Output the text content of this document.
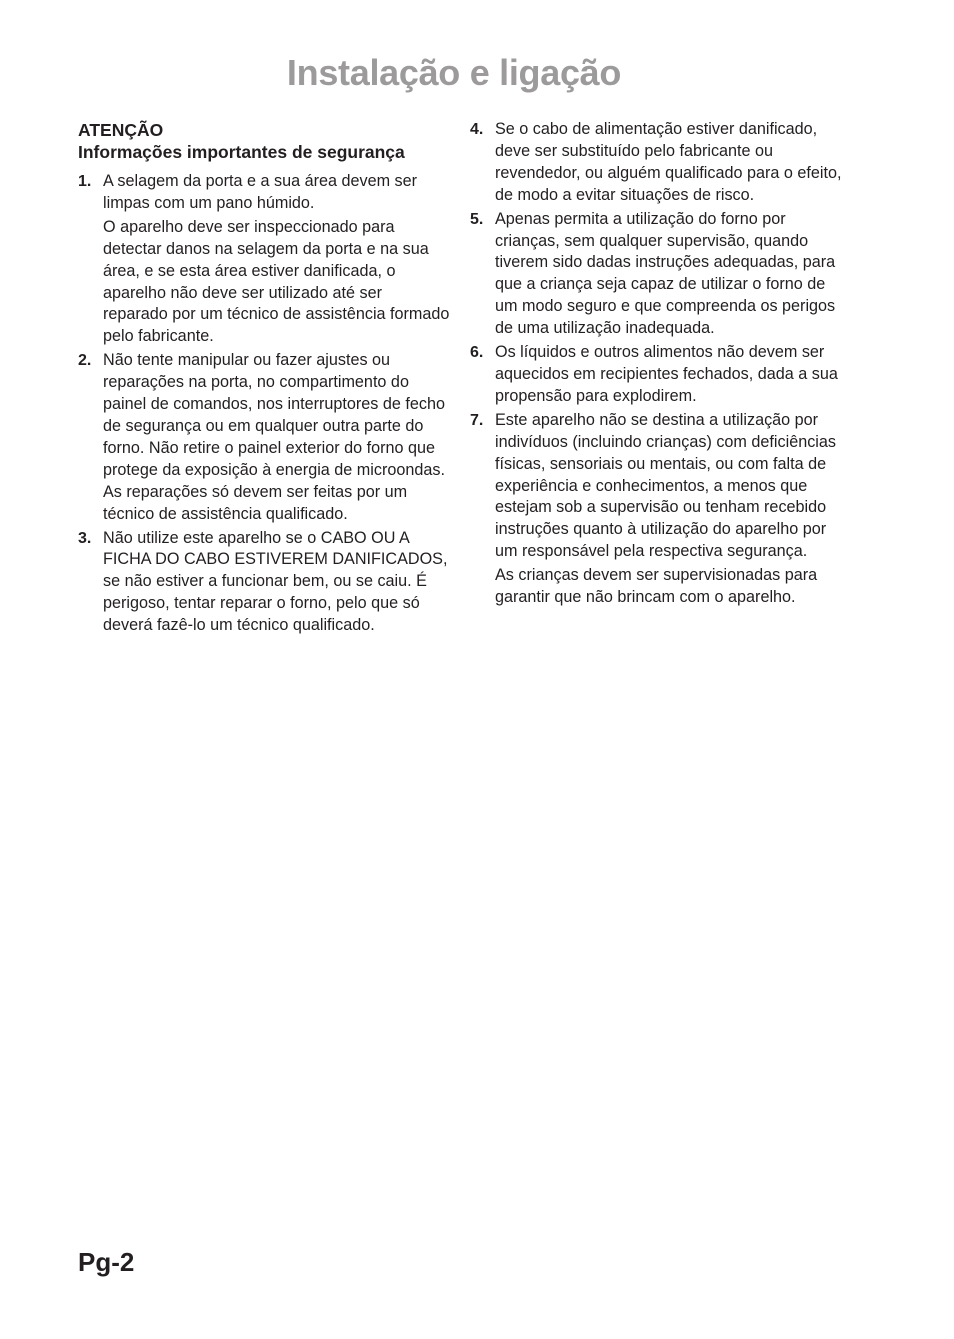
Instalação e ligação
ATENÇÃO
Informações importantes de segurança
1. A selagem da porta e a sua área devem ser limpas com um pano húmido.

O aparelho deve ser inspeccionado para detectar danos na selagem da porta e na sua área, e se esta área estiver danificada, o aparelho não deve ser utilizado até ser reparado por um técnico de assistência formado pelo fabricante.

2. Não tente manipular ou fazer ajustes ou reparações na porta, no compartimento do painel de comandos, nos interruptores de fecho de segurança ou em qualquer outra parte do forno. Não retire o painel exterior do forno que protege da exposição à energia de microondas. As reparações só devem ser feitas por um técnico de assistência qualificado.

3. Não utilize este aparelho se o CABO OU A FICHA DO CABO ESTIVEREM DANIFICADOS, se não estiver a funcionar bem, ou se caiu. É perigoso, tentar reparar o forno, pelo que só deverá fazê-lo um técnico qualificado.

4. Se o cabo de alimentação estiver danificado, deve ser substituído pelo fabricante ou revendedor, ou alguém qualificado para o efeito, de modo a evitar situações de risco.

5. Apenas permita a utilização do forno por crianças, sem qualquer supervisão, quando tiverem sido dadas instruções adequadas, para que a criança seja capaz de utilizar o forno de um modo seguro e que compreenda os perigos de uma utilização inadequada.

6. Os líquidos e outros alimentos não devem ser aquecidos em recipientes fechados, dada a sua propensão para explodirem.

7. Este aparelho não se destina a utilização por indivíduos (incluindo crianças) com deficiências físicas, sensoriais ou mentais, ou com falta de experiência e conhecimentos, a menos que estejam sob a supervisão ou tenham recebido instruções quanto à utilização do aparelho por um responsável pela respectiva segurança.

As crianças devem ser supervisionadas para garantir que não brincam com o aparelho.

Pg-2
